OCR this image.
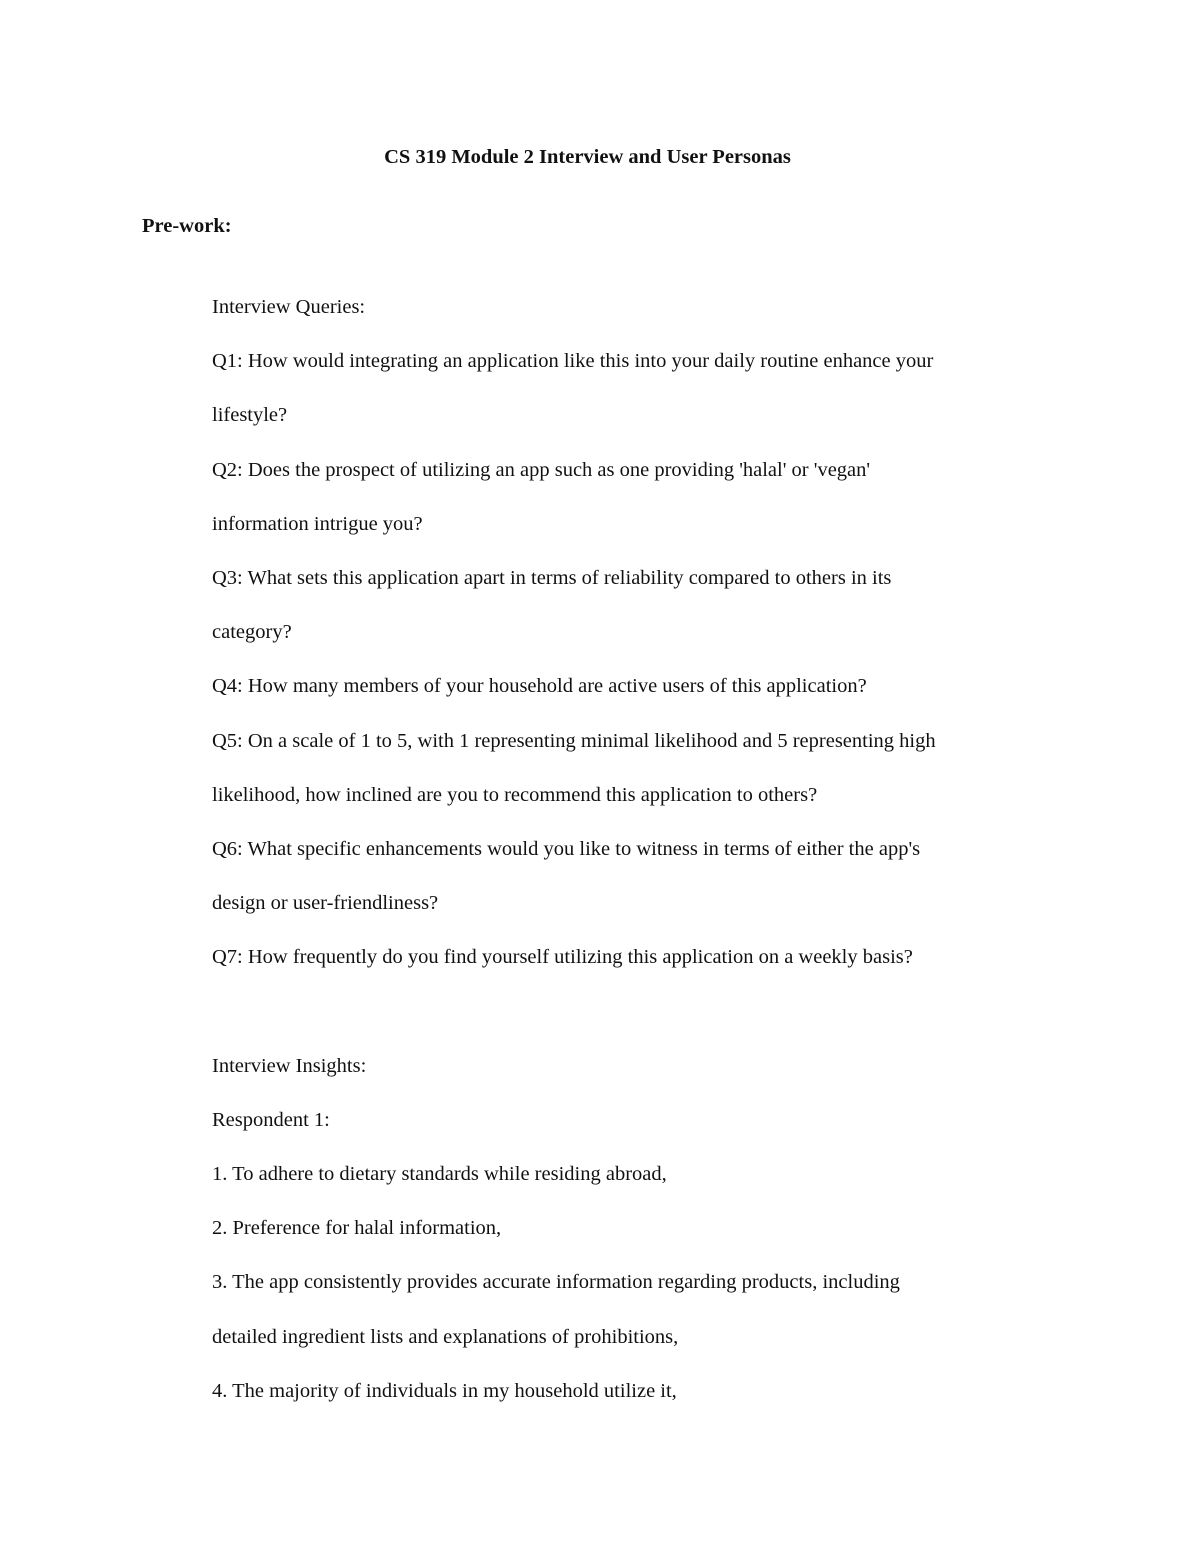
CS 319 Module 2 Interview and User Personas
Pre-work:
Interview Queries:
Q1: How would integrating an application like this into your daily routine enhance your
lifestyle?
Q2: Does the prospect of utilizing an app such as one providing 'halal' or 'vegan'
information intrigue you?
Q3: What sets this application apart in terms of reliability compared to others in its
category?
Q4: How many members of your household are active users of this application?
Q5: On a scale of 1 to 5, with 1 representing minimal likelihood and 5 representing high
likelihood, how inclined are you to recommend this application to others?
Q6: What specific enhancements would you like to witness in terms of either the app's
design or user-friendliness?
Q7: How frequently do you find yourself utilizing this application on a weekly basis?
Interview Insights:
Respondent 1:
1. To adhere to dietary standards while residing abroad,
2. Preference for halal information,
3. The app consistently provides accurate information regarding products, including
detailed ingredient lists and explanations of prohibitions,
4. The majority of individuals in my household utilize it,
